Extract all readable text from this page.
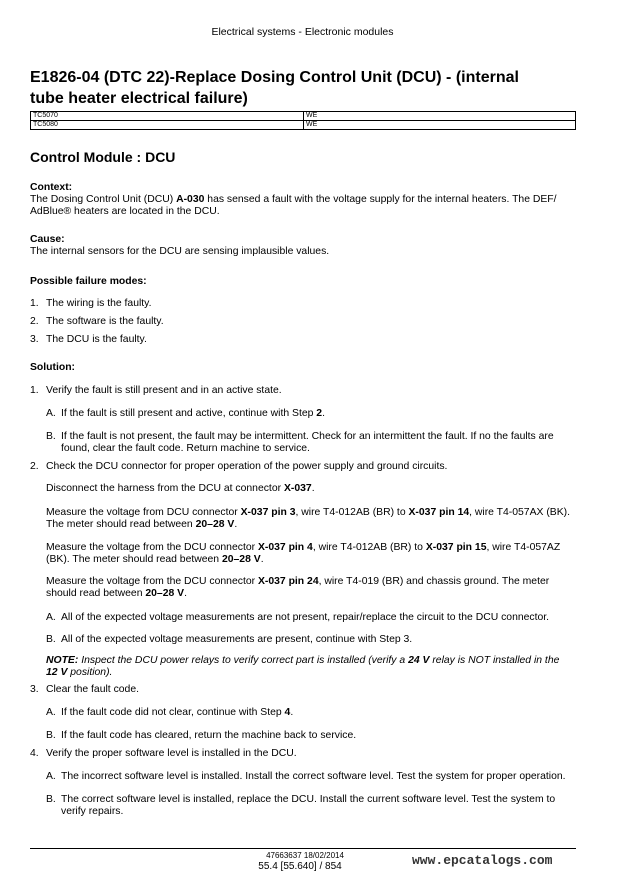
Electrical systems - Electronic modules
E1826-04 (DTC 22)-Replace Dosing Control Unit (DCU) - (internal
tube heater electrical failure)
TC5070	WE
TC5080	WE
Control Module : DCU
Context:
The Dosing Control Unit (DCU) A-030 has sensed a fault with the voltage supply for the internal heaters. The DEF/
AdBlue® heaters are located in the DCU.
Cause:
The internal sensors for the DCU are sensing implausible values.
Possible failure modes:
1. The wiring is the faulty.
2. The software is the faulty.
3. The DCU is the faulty.
Solution:
1. Verify the fault is still present and in an active state.
A. If the fault is still present and active, continue with Step 2.
B. If the fault is not present, the fault may be intermittent. Check for an intermittent the fault. If no the faults are
found, clear the fault code. Return machine to service.
2. Check the DCU connector for proper operation of the power supply and ground circuits.
Disconnect the harness from the DCU at connector X-037.
Measure the voltage from DCU connector X-037 pin 3, wire T4-012AB (BR) to X-037 pin 14, wire T4-057AX (BK).
The meter should read between 20–28 V.
Measure the voltage from the DCU connector X-037 pin 4, wire T4-012AB (BR) to X-037 pin 15, wire T4-057AZ
(BK). The meter should read between 20–28 V.
Measure the voltage from the DCU connector X-037 pin 24, wire T4-019 (BR) and chassis ground. The meter
should read between 20–28 V.
A. All of the expected voltage measurements are not present, repair/replace the circuit to the DCU connector.
B. All of the expected voltage measurements are present, continue with Step 3.
NOTE: Inspect the DCU power relays to verify correct part is installed (verify a 24 V relay is NOT installed in the
12 V position).
3. Clear the fault code.
A. If the fault code did not clear, continue with Step 4.
B. If the fault code has cleared, return the machine back to service.
4. Verify the proper software level is installed in the DCU.
A. The incorrect software level is installed. Install the correct software level. Test the system for proper operation.
B. The correct software level is installed, replace the DCU. Install the current software level. Test the system to
verify repairs.
47663637 18/02/2014
55.4 [55.640] / 854	www.epcatalogs.com
